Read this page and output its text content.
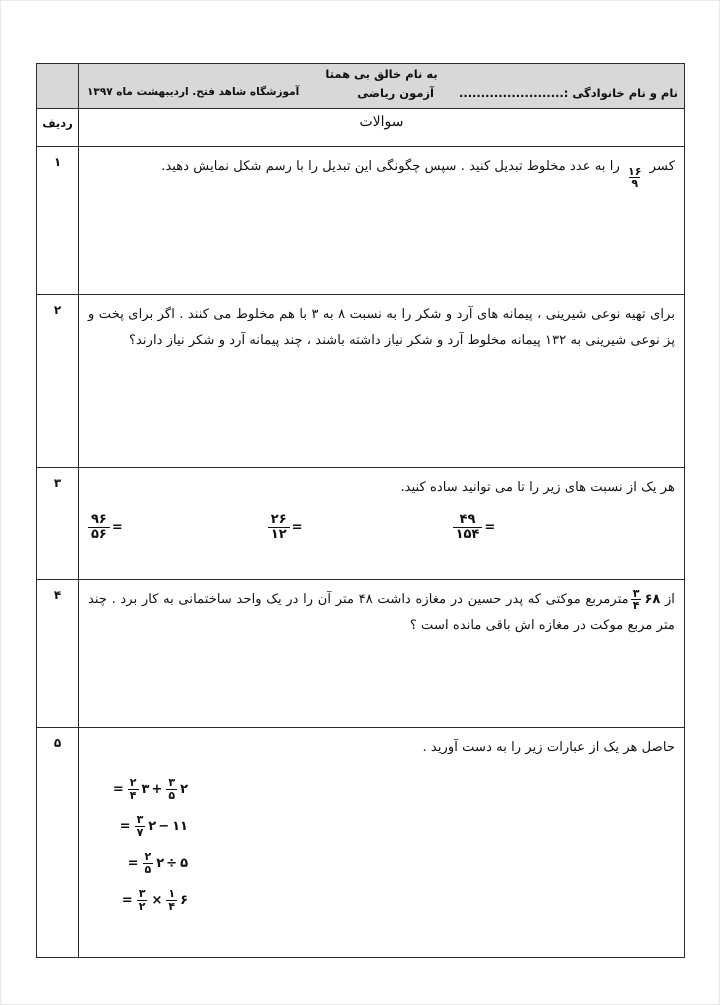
به نام خالق بی همتا
نام و نام خانوادگی :........................
آزمون ریاضی
آموزشگاه شاهد فتح. اردیبهشت ماه ۱۳۹۷	

سوالات	ردیف
کسر
$\frac{۱۶}{۹}$
را به عدد مخلوط تبدیل کنید . سپس چگونگی این تبدیل را با رسم شکل نمایش دهید.	۱
برای تهیه نوعی شیرینی ، پیمانه های آرد و شکر را به نسبت ۸ به ۳ با هم مخلوط می کنند . اگر برای پخت و پز نوعی شیرینی به ۱۳۲ پیمانه مخلوط آرد و شکر نیاز داشته باشند ، چند پیمانه آرد و شکر نیاز دارند؟	۲

هر یک از نسبت های زیر را تا می توانید ساده کنید.
$\frac{۹۶}{۵۶}$ =	$\frac{۲۶}{۱۲}$ =	$\frac{۴۹}{۱۵۴}$ =
	۳
از
۶۸
$\frac{۳}{۴}$
مترمربع موکتی که پدر حسین در مغازه داشت ۴۸ متر آن را در یک واحد ساختمانی به کار برد . چند متر مربع موکت در مغازه اش باقی مانده است ؟	۴

حاصل هر یک از عبارات زیر را به دست آورید .
۲
$\frac{۳}{۵}$
+
۳
$\frac{۲}{۴}$
=
۱۱
−
۲
$\frac{۳}{۷}$
=
۵
÷
۲
$\frac{۲}{۵}$
=
۶
$\frac{۱}{۴}$
×
$\frac{۳}{۲}$
=
	۵
